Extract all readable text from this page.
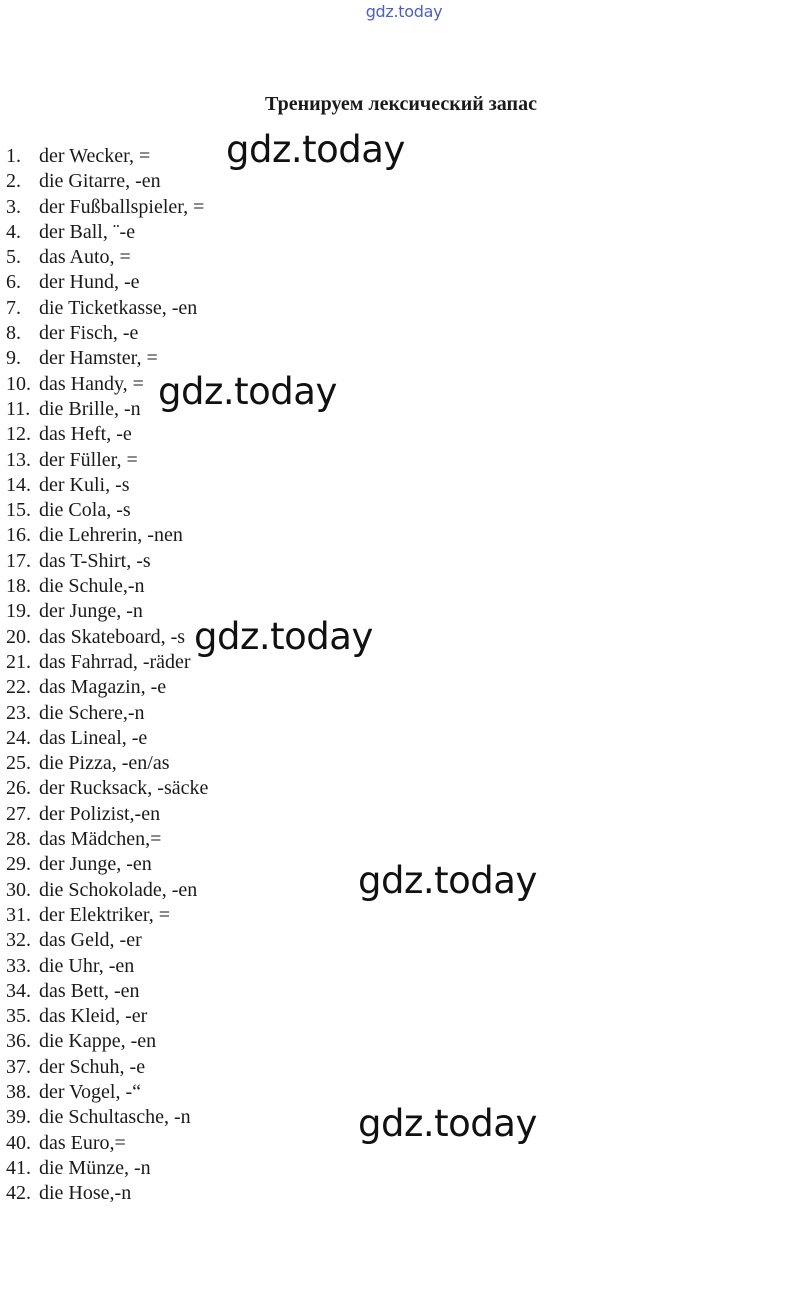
gdz.today
Тренируем лексический запас
1. der Wecker, =
2. die Gitarre, -en
3. der Fußballspieler, =
4. der Ball, ¨-e
5. das Auto, =
6. der Hund, -e
7. die Ticketkasse, -en
8. der Fisch, -e
9. der Hamster, =
10. das Handy, =
11. die Brille, -n
12. das Heft, -e
13. der Füller, =
14. der Kuli, -s
15. die Cola, -s
16. die Lehrerin, -nen
17. das T-Shirt, -s
18. die Schule,-n
19. der Junge, -n
20. das Skateboard, -s
21. das Fahrrad, -räder
22. das Magazin, -e
23. die Schere,-n
24. das Lineal, -e
25. die Pizza, -en/as
26. der Rucksack, -säcke
27. der Polizist,-en
28. das Mädchen,=
29. der Junge, -en
30. die Schokolade, -en
31. der Elektriker, =
32. das Geld, -er
33. die Uhr, -en
34. das Bett, -en
35. das Kleid, -er
36. die Kappe, -en
37. der Schuh, -e
38. der Vogel, -“
39. die Schultasche, -n
40. das Euro,=
41. die Münze, -n
42. die Hose,-n
gdz.today
gdz.today
gdz.today
gdz.today
gdz.today
